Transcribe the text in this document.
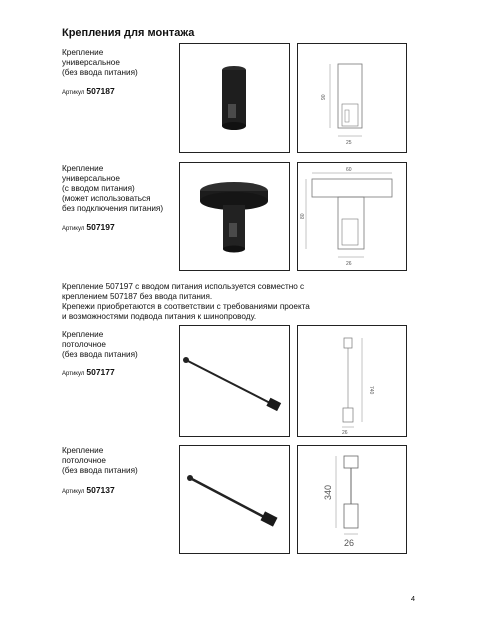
Крепления для монтажа
Крепление
универсальное
(без ввода питания)
Артикул 507187
90
25
Крепление
универсальное
(с вводом питания)
(может использоваться
без подключения питания)
Артикул 507197
60
80
26
Крепление 507197 с вводом питания используется совместно с
креплением 507187 без ввода питания.
Крепежи приобретаются в соответствии с требованиями проекта
и возможностями подвода питания к шинопроводу.
Крепление
потолочное
(без ввода питания)
Артикул 507177
740
26
Крепление
потолочное
(без ввода питания)
Артикул 507137	340
26
4
